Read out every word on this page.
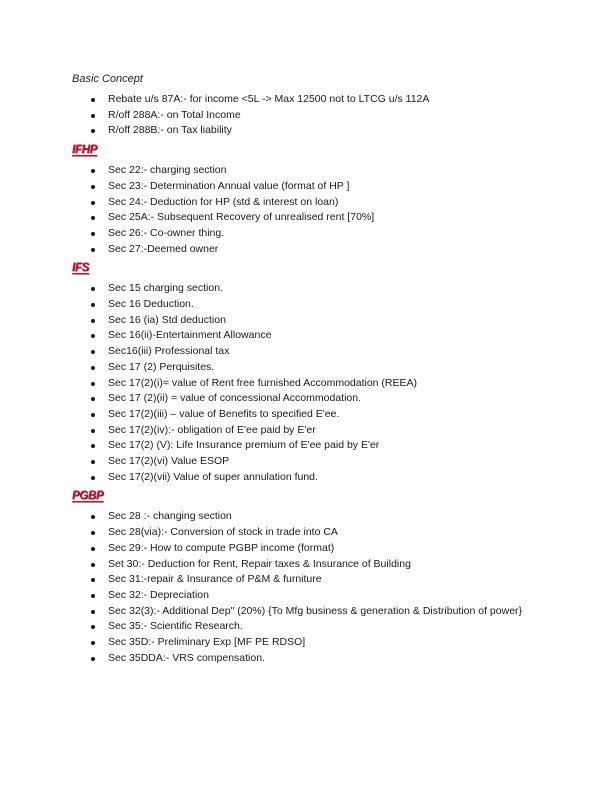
Basic Concept
Rebate u/s 87A:- for income <5L -> Max 12500 not to LTCG u/s 112A
R/off 288A:- on Total Income
R/off 288B:- on Tax liability
IFHP
Sec 22:- charging section
Sec 23:- Determination Annual value (format of HP ]
Sec 24:- Deduction for HP (std & interest on loan)
Sec 25A:- Subsequent Recovery of unrealised rent [70%]
Sec 26:- Co-owner thing.
Sec 27:-Deemed owner
IFS
Sec 15 charging section.
Sec 16 Deduction.
Sec 16 (ia) Std deduction
Sec 16(ii)-Entertainment Allowance
Sec16(iii) Professional tax
Sec 17 (2) Perquisites.
Sec 17(2)(i)= value of Rent free furnished Accommodation (REEA)
Sec 17 (2)(ii) = value of concessional Accommodation.
Sec 17(2)(iii) – value of Benefits to specified E'ee.
Sec 17(2)(iv):- obligation of E'ee paid by E'er
Sec 17(2) (V): Life Insurance premium of E'ee paid by E'er
Sec 17(2)(vi) Value ESOP
Sec 17(2)(vii) Value of super annulation fund.
PGBP
Sec 28 :- changing section
Sec 28(via):- Conversion of stock in trade into CA
Sec 29:- How to compute PGBP income (format)
Set 30:- Deduction for Rent, Repair taxes & Insurance of Building
Sec 31:-repair & Insurance of P&M & furniture
Sec 32:- Depreciation
Sec 32(3):- Additional Dep" (20%) {To Mfg business & generation & Distribution of power}
Sec 35:- Scientific Research.
Sec 35D:- Preliminary Exp [MF PE RDSO]
Sec 35DDA:- VRS compensation.
